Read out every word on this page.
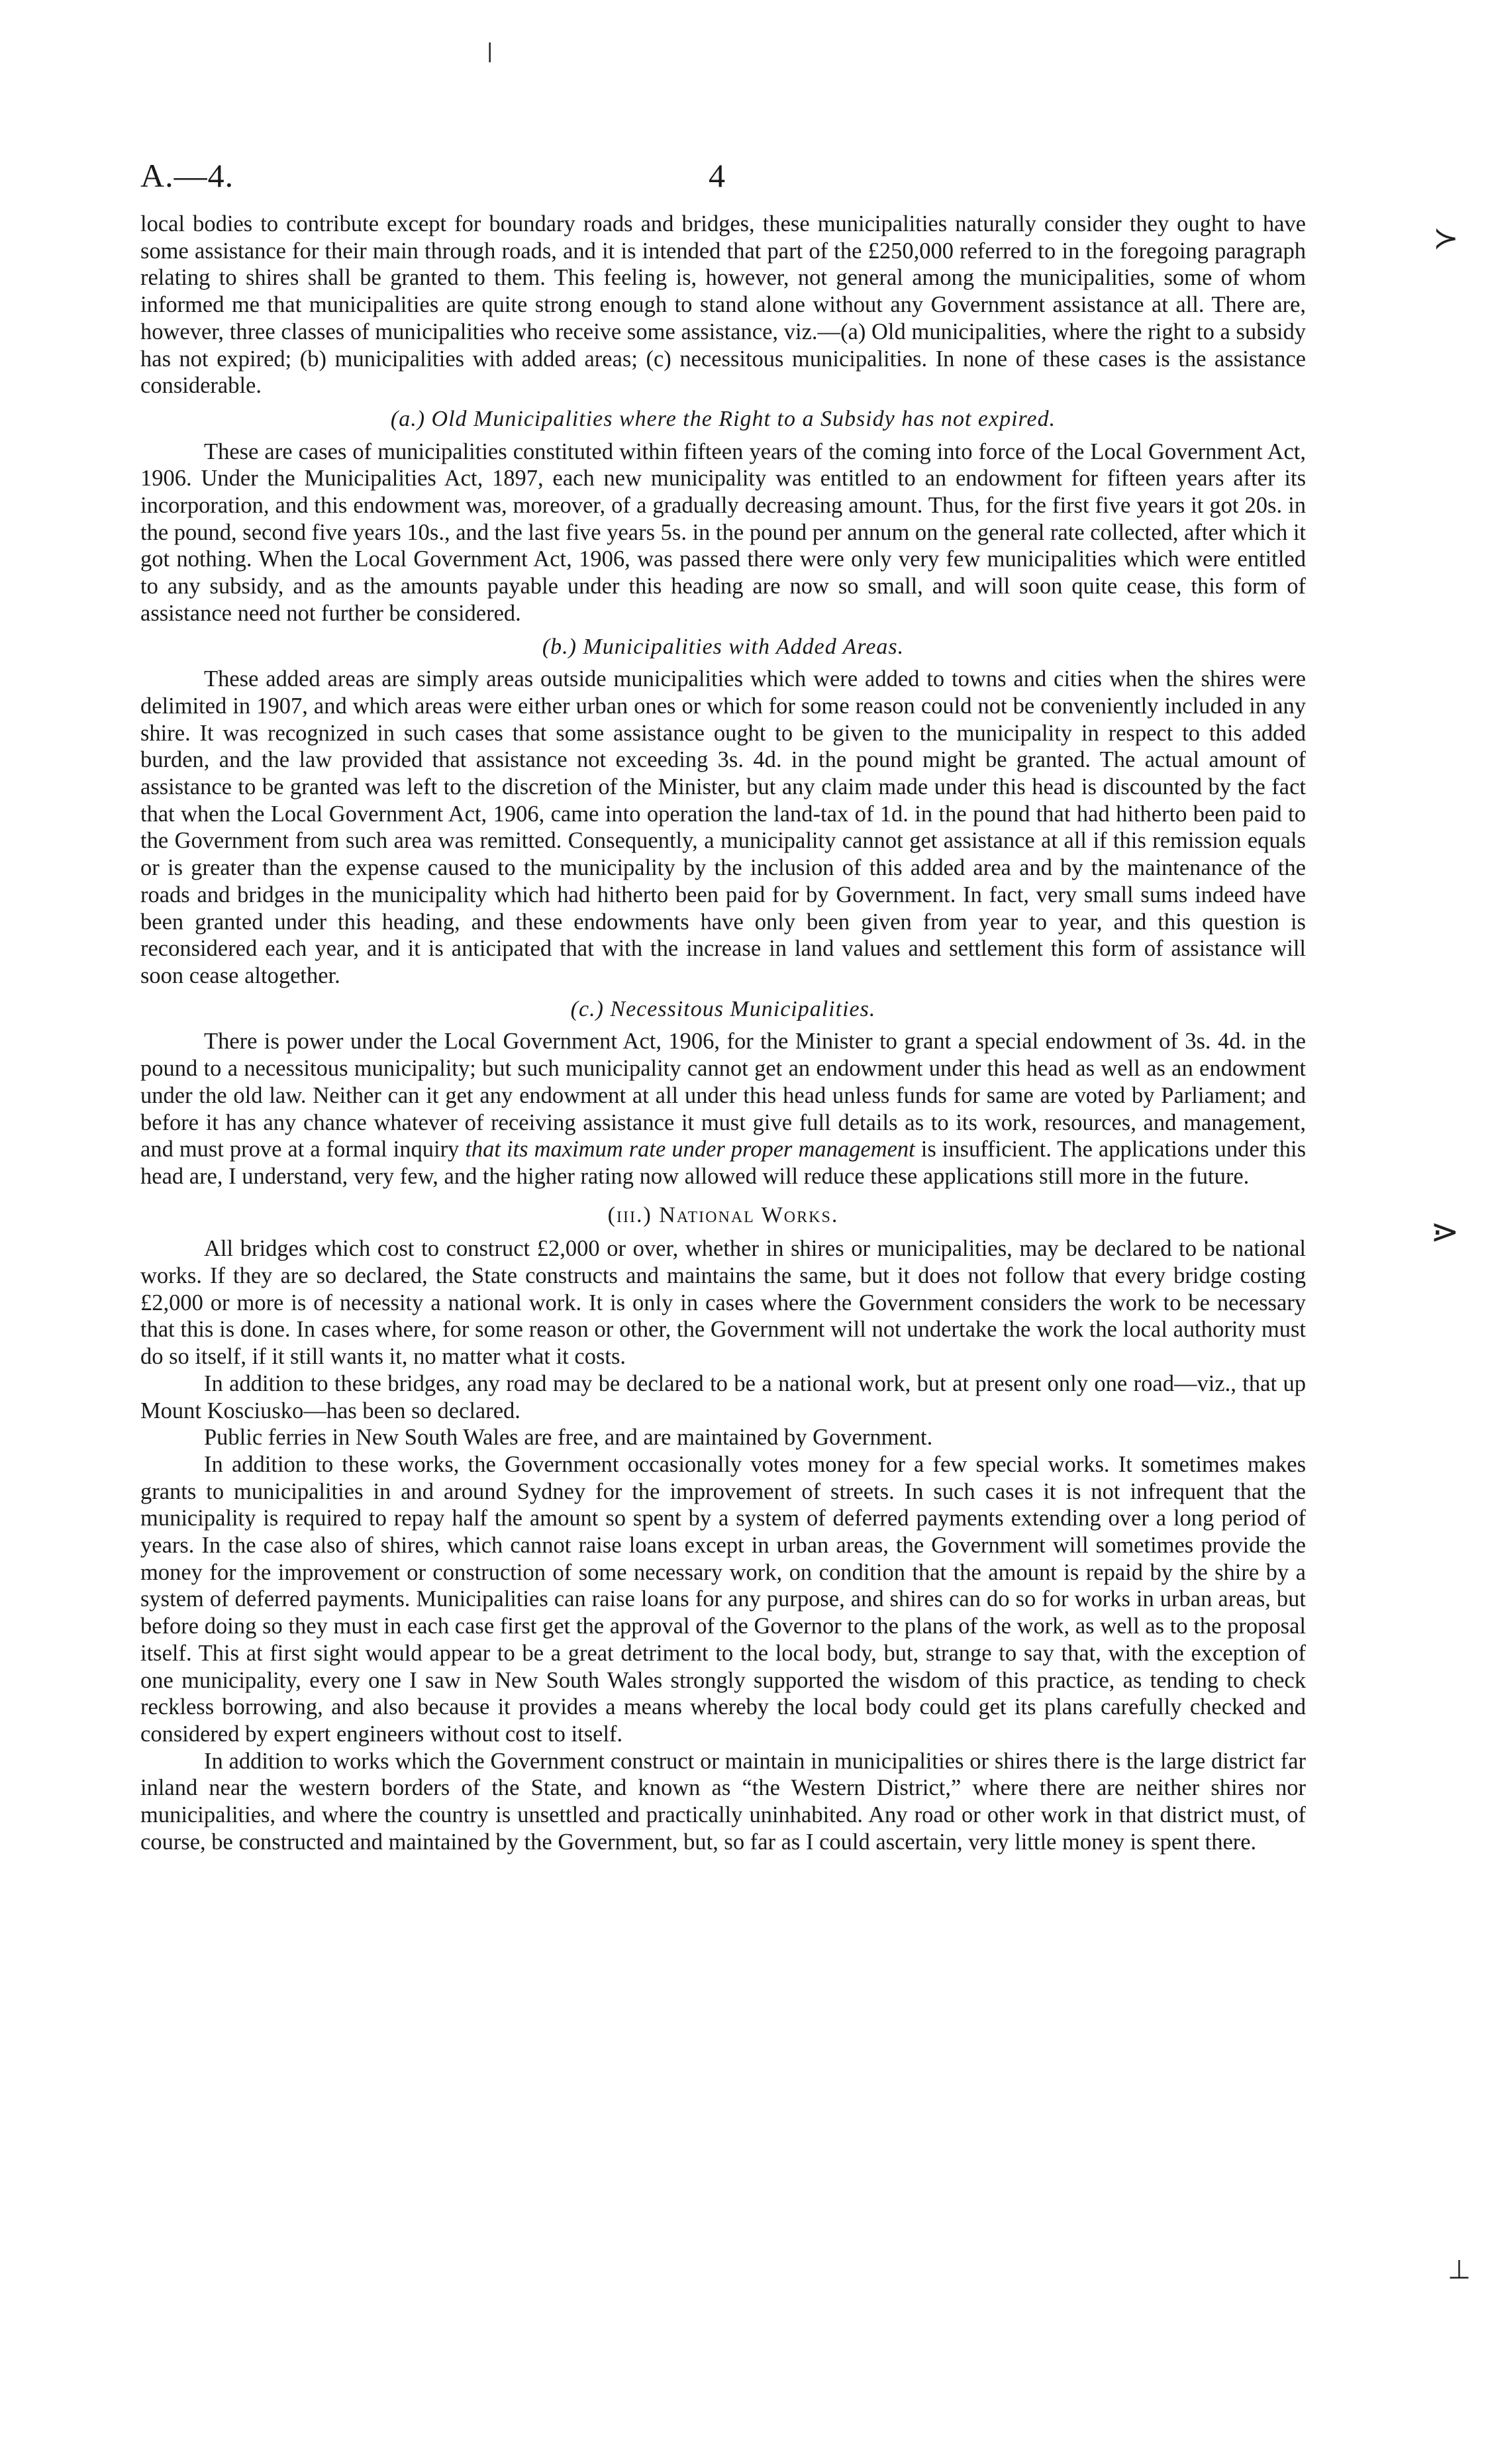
❘
≻
⋗
⊥
A.—4.	4

local bodies to contribute except for boundary roads and bridges, these municipalities naturally consider they ought to have some assistance for their main through roads, and it is intended that part of the £250,000 referred to in the foregoing paragraph relating to shires shall be granted to them. This feeling is, however, not general among the municipalities, some of whom informed me that municipalities are quite strong enough to stand alone without any Government assistance at all. There are, however, three classes of municipalities who receive some assistance, viz.—(a) Old municipalities, where the right to a subsidy has not expired; (b) municipalities with added areas; (c) necessitous municipalities. In none of these cases is the assistance considerable.

(a.) Old Municipalities where the Right to a Subsidy has not expired.

These are cases of municipalities constituted within fifteen years of the coming into force of the Local Government Act, 1906. Under the Municipalities Act, 1897, each new municipality was entitled to an endowment for fifteen years after its incorporation, and this endowment was, moreover, of a gradually decreasing amount. Thus, for the first five years it got 20s. in the pound, second five years 10s., and the last five years 5s. in the pound per annum on the general rate collected, after which it got nothing. When the Local Government Act, 1906, was passed there were only very few municipalities which were entitled to any subsidy, and as the amounts payable under this heading are now so small, and will soon quite cease, this form of assistance need not further be considered.

(b.) Municipalities with Added Areas.

These added areas are simply areas outside municipalities which were added to towns and cities when the shires were delimited in 1907, and which areas were either urban ones or which for some reason could not be conveniently included in any shire. It was recognized in such cases that some assistance ought to be given to the municipality in respect to this added burden, and the law provided that assistance not exceeding 3s. 4d. in the pound might be granted. The actual amount of assistance to be granted was left to the discretion of the Minister, but any claim made under this head is discounted by the fact that when the Local Government Act, 1906, came into operation the land-tax of 1d. in the pound that had hitherto been paid to the Government from such area was remitted. Consequently, a municipality cannot get assistance at all if this remission equals or is greater than the expense caused to the municipality by the inclusion of this added area and by the maintenance of the roads and bridges in the municipality which had hitherto been paid for by Government. In fact, very small sums indeed have been granted under this heading, and these endowments have only been given from year to year, and this question is reconsidered each year, and it is anticipated that with the increase in land values and settlement this form of assistance will soon cease altogether.

(c.) Necessitous Municipalities.

There is power under the Local Government Act, 1906, for the Minister to grant a special endowment of 3s. 4d. in the pound to a necessitous municipality; but such municipality cannot get an endowment under this head as well as an endowment under the old law. Neither can it get any endowment at all under this head unless funds for same are voted by Parliament; and before it has any chance whatever of receiving assistance it must give full details as to its work, resources, and management, and must prove at a formal inquiry that its maximum rate under proper management is insufficient. The applications under this head are, I understand, very few, and the higher rating now allowed will reduce these applications still more in the future.

(iii.) National Works.

All bridges which cost to construct £2,000 or over, whether in shires or municipalities, may be declared to be national works. If they are so declared, the State constructs and maintains the same, but it does not follow that every bridge costing £2,000 or more is of necessity a national work. It is only in cases where the Government considers the work to be necessary that this is done. In cases where, for some reason or other, the Government will not undertake the work the local authority must do so itself, if it still wants it, no matter what it costs.

In addition to these bridges, any road may be declared to be a national work, but at present only one road—viz., that up Mount Kosciusko—has been so declared.

Public ferries in New South Wales are free, and are maintained by Government.

In addition to these works, the Government occasionally votes money for a few special works. It sometimes makes grants to municipalities in and around Sydney for the improvement of streets. In such cases it is not infrequent that the municipality is required to repay half the amount so spent by a system of deferred payments extending over a long period of years. In the case also of shires, which cannot raise loans except in urban areas, the Government will sometimes provide the money for the improvement or construction of some necessary work, on condition that the amount is repaid by the shire by a system of deferred payments. Municipalities can raise loans for any purpose, and shires can do so for works in urban areas, but before doing so they must in each case first get the approval of the Governor to the plans of the work, as well as to the proposal itself. This at first sight would appear to be a great detriment to the local body, but, strange to say that, with the exception of one municipality, every one I saw in New South Wales strongly supported the wisdom of this practice, as tending to check reckless borrowing, and also because it provides a means whereby the local body could get its plans carefully checked and considered by expert engineers without cost to itself.

In addition to works which the Government construct or maintain in municipalities or shires there is the large district far inland near the western borders of the State, and known as “the Western District,” where there are neither shires nor municipalities, and where the country is unsettled and practically uninhabited. Any road or other work in that district must, of course, be constructed and maintained by the Government, but, so far as I could ascertain, very little money is spent there.
